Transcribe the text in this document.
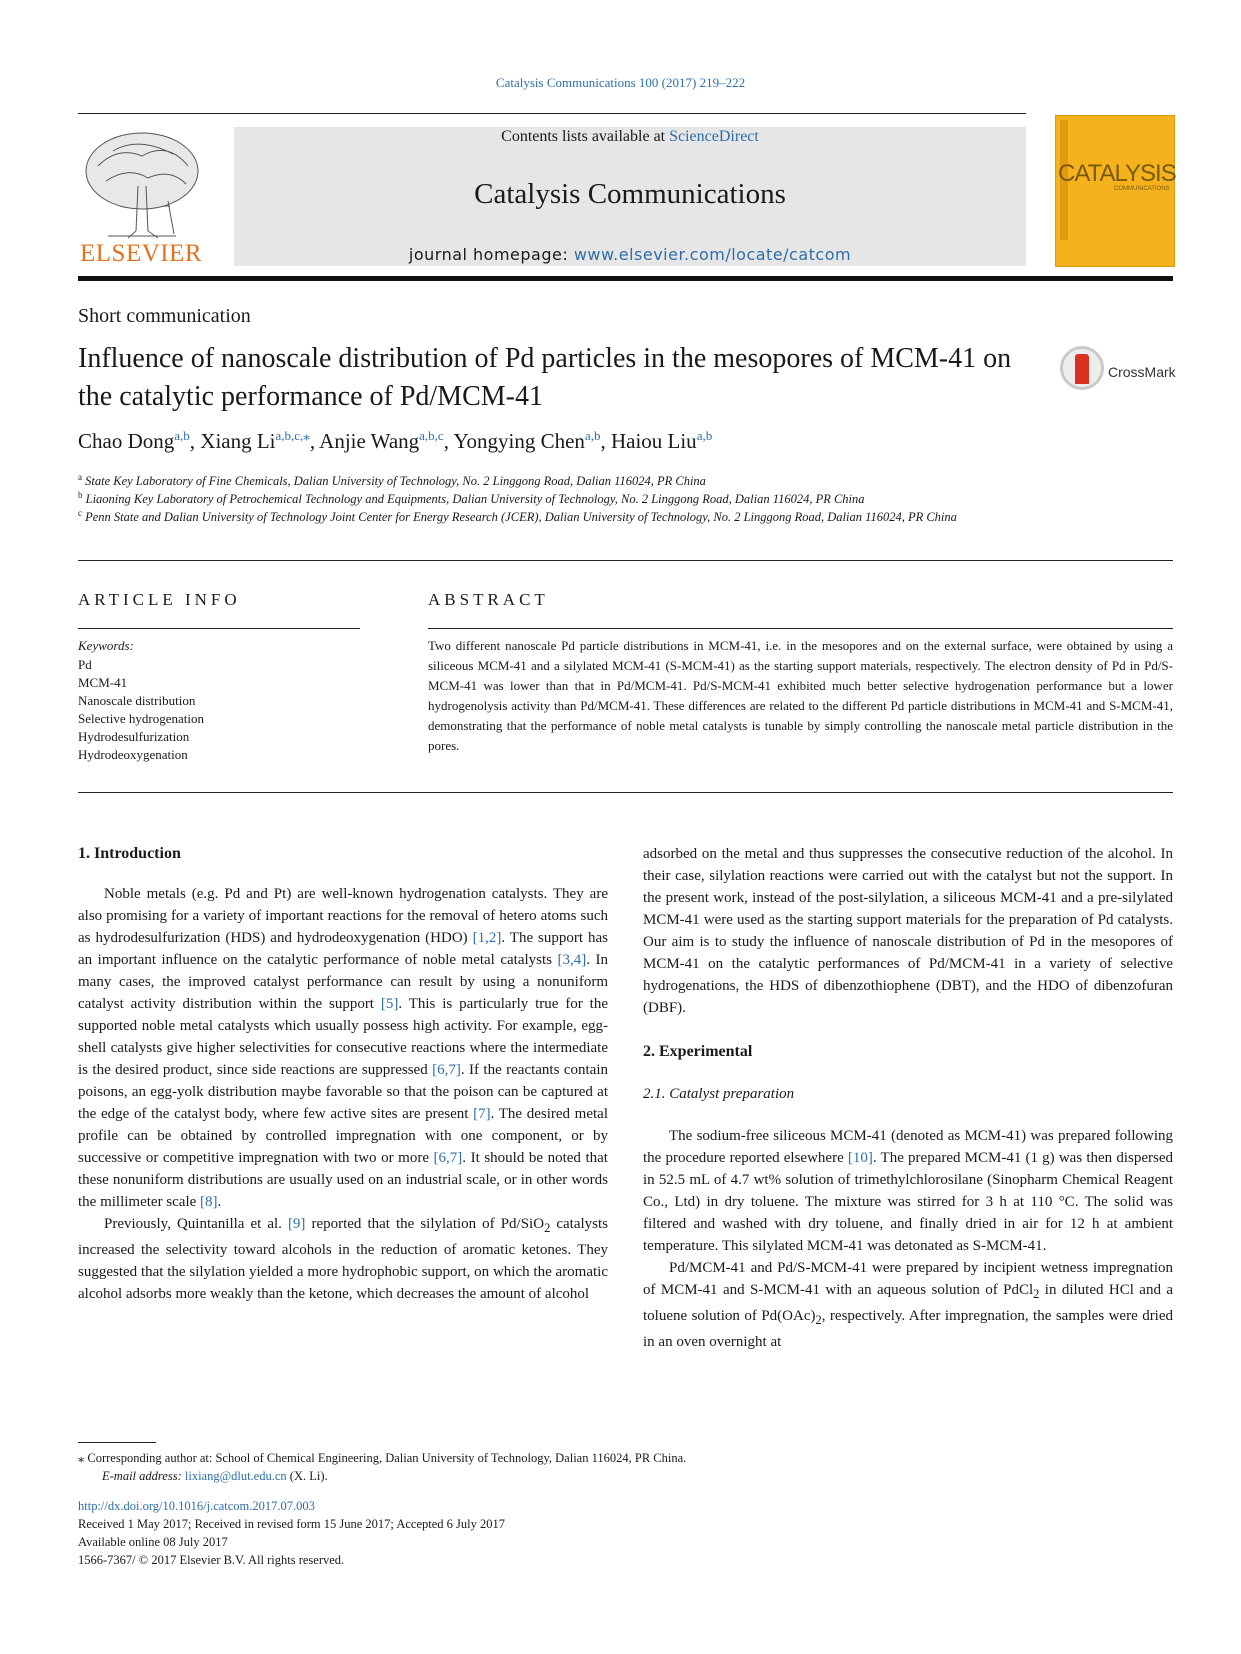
Catalysis Communications 100 (2017) 219–222
ELSEVIER
Contents lists available at ScienceDirect
Catalysis Communications
journal homepage: www.elsevier.com/locate/catcom
CATALYSIS
COMMUNICATIONS
Short communication
Influence of nanoscale distribution of Pd particles in the mesopores of MCM-41 on the catalytic performance of Pd/MCM-41
CrossMark
Chao Dong$^{a,b}$, Xiang $Li^{a,b,c,⁎}$, Anjie Wang$^{a,b,c}$, Yongying Chen$^{a,b}$, Haiou Liu$^{a,b}$
$^a$ State Key Laboratory of Fine Chemicals, Dalian University of Technology, No. 2 Linggong Road, Dalian 116024, PR China
$^b$ Liaoning Key Laboratory of Petrochemical Technology and Equipments, Dalian University of Technology, No. 2 Linggong Road, Dalian 116024, PR China
$^c$ Penn State and Dalian University of Technology Joint Center for Energy Research (JCER), Dalian University of Technology, No. 2 Linggong Road, Dalian 116024, PR China
ARTICLE INFO	ABSTRACT
Keywords:
Pd
MCM-41
Nanoscale distribution
Selective hydrogenation
Hydrodesulfurization
Hydrodeoxygenation
Two different nanoscale Pd particle distributions in MCM-41, i.e. in the mesopores and on the external surface, were obtained by using a siliceous MCM-41 and a silylated MCM-41 (S-MCM-41) as the starting support materials, respectively. The electron density of Pd in Pd/S-MCM-41 was lower than that in Pd/MCM-41. Pd/S-MCM-41 exhibited much better selective hydrogenation performance but a lower hydrogenolysis activity than Pd/MCM-41. These differences are related to the different Pd particle distributions in MCM-41 and S-MCM-41, demonstrating that the performance of noble metal catalysts is tunable by simply controlling the nanoscale metal particle distribution in the pores.
1. Introduction

Noble metals (e.g. Pd and Pt) are well-known hydrogenation catalysts. They are also promising for a variety of important reactions for the removal of hetero atoms such as hydrodesulfurization (HDS) and hydrodeoxygenation (HDO) [1,2]. The support has an important influence on the catalytic performance of noble metal catalysts [3,4]. In many cases, the improved catalyst performance can result by using a nonuniform catalyst activity distribution within the support [5]. This is particularly true for the supported noble metal catalysts which usually possess high activity. For example, egg-shell catalysts give higher selectivities for consecutive reactions where the intermediate is the desired product, since side reactions are suppressed [6,7]. If the reactants contain poisons, an egg-yolk distribution maybe favorable so that the poison can be captured at the edge of the catalyst body, where few active sites are present [7]. The desired metal profile can be obtained by controlled impregnation with one component, or by successive or competitive impregnation with two or more [6,7]. It should be noted that these nonuniform distributions are usually used on an industrial scale, or in other words the millimeter scale [8].

Previously, Quintanilla et al. [9] reported that the silylation of Pd/SiO$_2$ catalysts increased the selectivity toward alcohols in the reduction of aromatic ketones. They suggested that the silylation yielded a more hydrophobic support, on which the aromatic alcohol adsorbs more weakly than the ketone, which decreases the amount of alcohol

adsorbed on the metal and thus suppresses the consecutive reduction of the alcohol. In their case, silylation reactions were carried out with the catalyst but not the support. In the present work, instead of the post-silylation, a siliceous MCM-41 and a pre-silylated MCM-41 were used as the starting support materials for the preparation of Pd catalysts. Our aim is to study the influence of nanoscale distribution of Pd in the mesopores of MCM-41 on the catalytic performances of Pd/MCM-41 in a variety of selective hydrogenations, the HDS of dibenzothiophene (DBT), and the HDO of dibenzofuran (DBF).

2. Experimental
2.1. Catalyst preparation

The sodium-free siliceous MCM-41 (denoted as MCM-41) was prepared following the procedure reported elsewhere [10]. The prepared MCM-41 (1 g) was then dispersed in 52.5 mL of 4.7 wt% solution of trimethylchlorosilane (Sinopharm Chemical Reagent Co., Ltd) in dry toluene. The mixture was stirred for 3 h at 110 °C. The solid was filtered and washed with dry toluene, and finally dried in air for 12 h at ambient temperature. This silylated MCM-41 was detonated as S-MCM-41.

Pd/MCM-41 and Pd/S-MCM-41 were prepared by incipient wetness impregnation of MCM-41 and S-MCM-41 with an aqueous solution of PdCl$_2$ in diluted HCl and a toluene solution of $Pd(OAc)_2$, respectively. After impregnation, the samples were dried in an oven overnight at

⁎ Corresponding author at: School of Chemical Engineering, Dalian University of Technology, Dalian 116024, PR China.
E-mail address: lixiang@dlut.edu.cn (X. Li).
http://dx.doi.org/10.1016/j.catcom.2017.07.003
Received 1 May 2017; Received in revised form 15 June 2017; Accepted 6 July 2017
Available online 08 July 2017
1566-7367/ © 2017 Elsevier B.V. All rights reserved.
